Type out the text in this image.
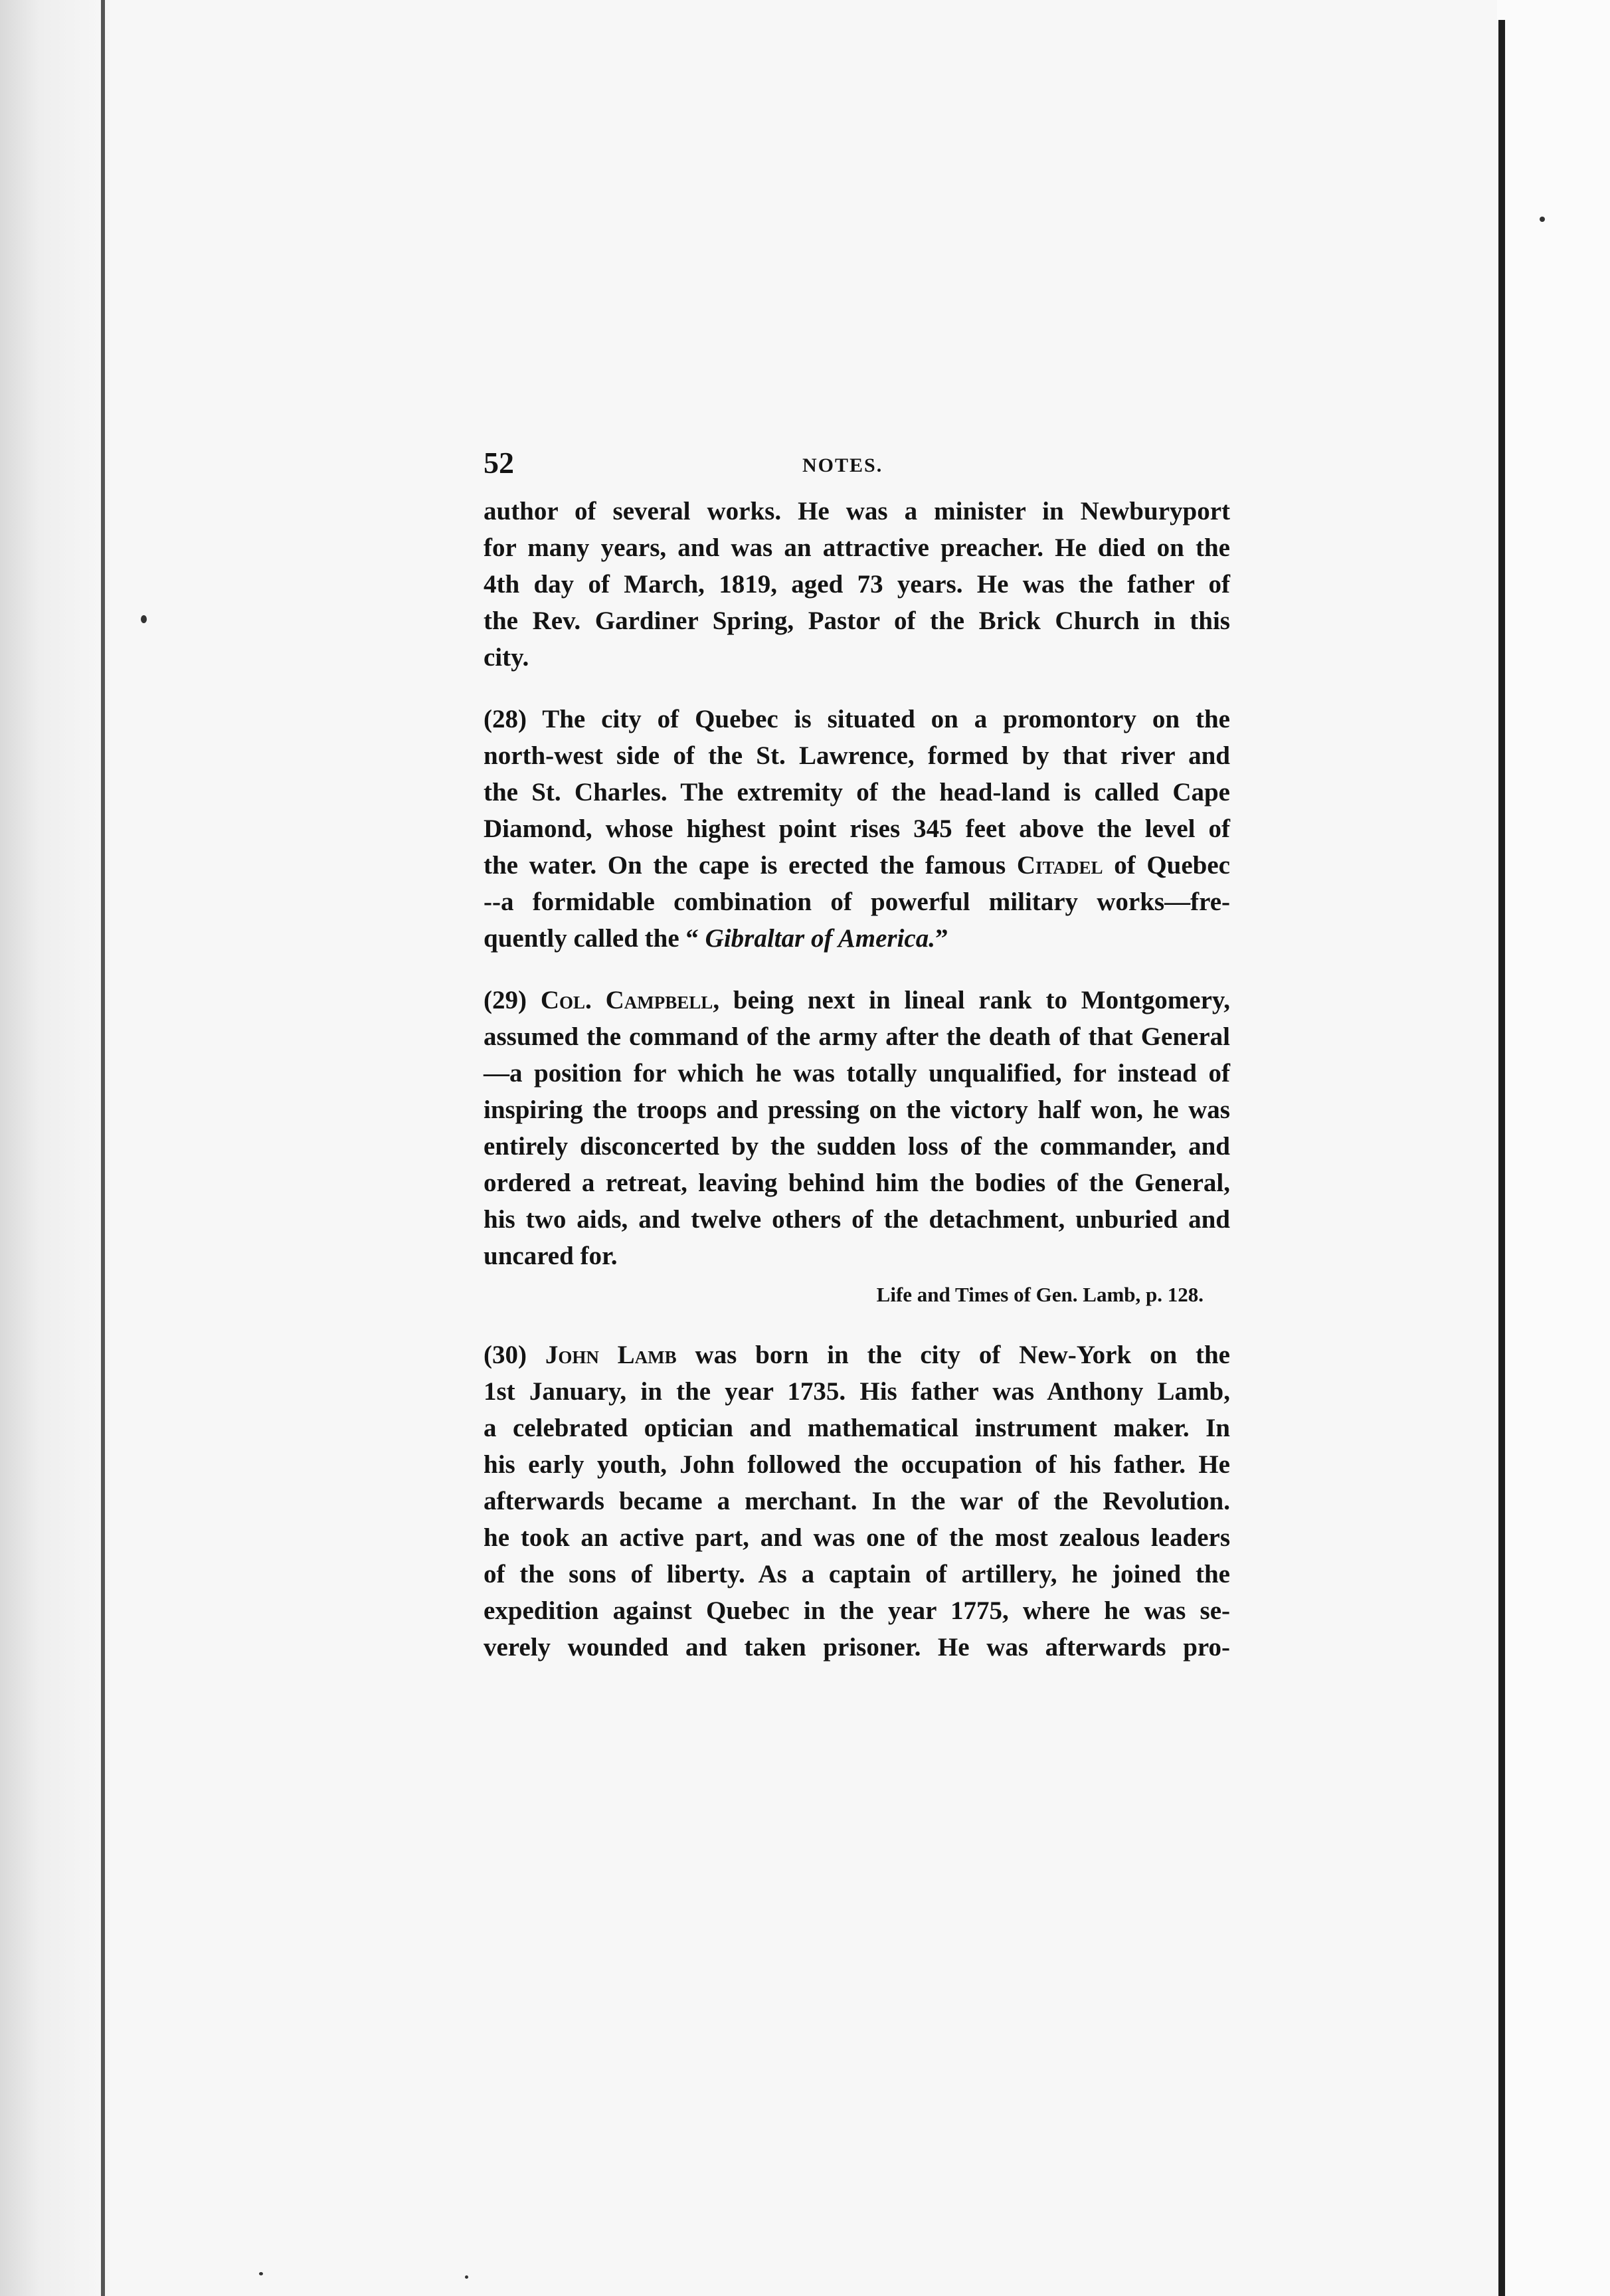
52	NOTES.
author of several works. He was a minister in Newburyport
for many years, and was an attractive preacher. He died on the
4th day of March, 1819, aged 73 years. He was the father of
the Rev. Gardiner Spring, Pastor of the Brick Church in this
city.
(28) The city of Quebec is situated on a promontory on the
north-west side of the St. Lawrence, formed by that river and
the St. Charles. The extremity of the head-land is called Cape
Diamond, whose highest point rises 345 feet above the level of
the water. On the cape is erected the famous Citadel of Quebec
--a formidable combination of powerful military works—fre-
quently called the “ Gibraltar of America.”
(29) Col. Campbell, being next in lineal rank to Montgomery,
assumed the command of the army after the death of that General
—a position for which he was totally unqualified, for instead of
inspiring the troops and pressing on the victory half won, he was
entirely disconcerted by the sudden loss of the commander, and
ordered a retreat, leaving behind him the bodies of the General,
his two aids, and twelve others of the detachment, unburied and
uncared for.
Life and Times of Gen. Lamb, p. 128.
(30) John Lamb was born in the city of New-York on the
1st January, in the year 1735. His father was Anthony Lamb,
a celebrated optician and mathematical instrument maker. In
his early youth, John followed the occupation of his father. He
afterwards became a merchant. In the war of the Revolution.
he took an active part, and was one of the most zealous leaders
of the sons of liberty. As a captain of artillery, he joined the
expedition against Quebec in the year 1775, where he was se-
verely wounded and taken prisoner. He was afterwards pro-
